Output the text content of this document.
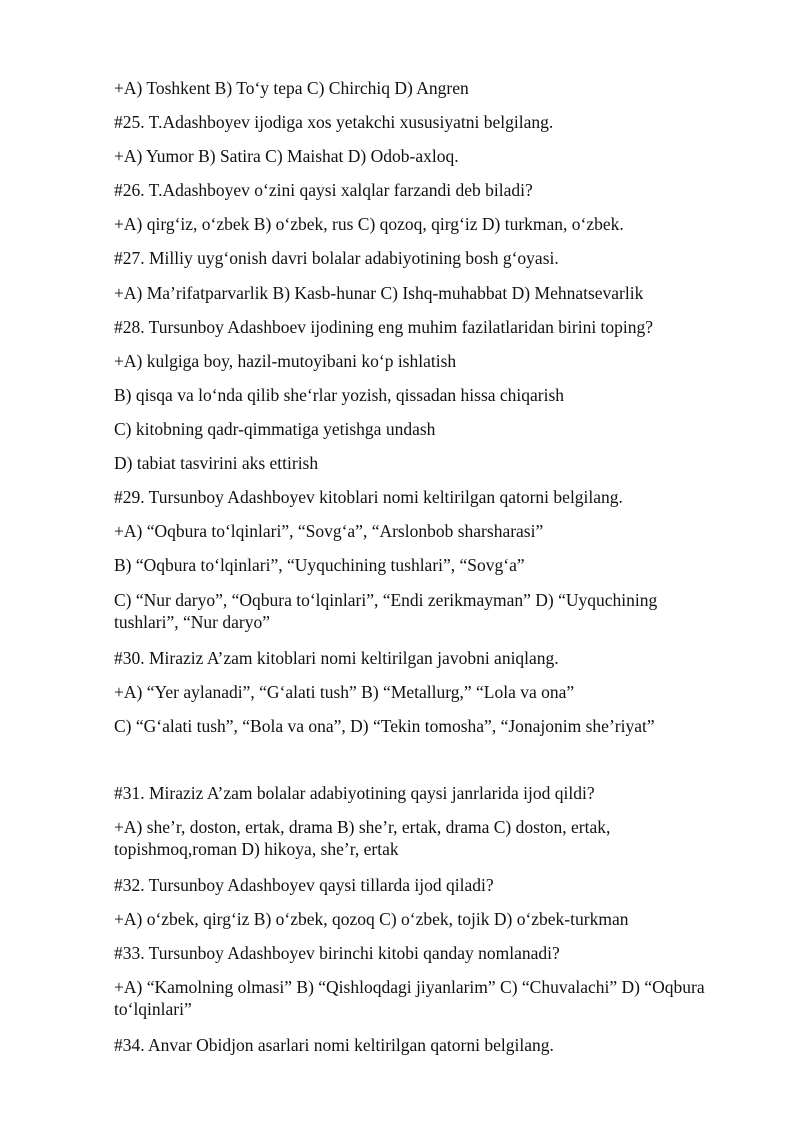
+A) Toshkent B) To‘y tepa C) Chirchiq D) Angren
#25. T.Adashboyev ijodiga xos yetakchi xususiyatni belgilang.
+A) Yumor B) Satira C) Maishat D) Odob-axloq.
#26. T.Adashboyev o‘zini qaysi xalqlar farzandi deb biladi?
+A) qirg‘iz, o‘zbek B) o‘zbek, rus C) qozoq, qirg‘iz D) turkman, o‘zbek.
#27. Milliy uyg‘onish davri bolalar adabiyotining bosh g‘oyasi.
+A) Ma’rifatparvarlik B) Kasb-hunar C) Ishq-muhabbat D) Mehnatsevarlik
#28. Tursunboy Adashboev ijodining eng muhim fazilatlaridan birini toping?
+A) kulgiga boy, hazil-mutoyibani ko‘p ishlatish
B) qisqa va lo‘nda qilib she‘rlar yozish, qissadan hissa chiqarish
C) kitobning qadr-qimmatiga yetishga undash
D) tabiat tasvirini aks ettirish
#29. Tursunboy Adashboyev kitoblari nomi keltirilgan qatorni belgilang.
+A) “Oqbura to‘lqinlari”, “Sovg‘a”, “Arslonbob sharsharasi”
B) “Oqbura to‘lqinlari”, “Uyquchining tushlari”, “Sovg‘a”
C) “Nur daryo”, “Oqbura to‘lqinlari”, “Endi zerikmayman” D) “Uyquchining tushlari”, “Nur daryo”
#30. Miraziz A’zam kitoblari nomi keltirilgan javobni aniqlang.
+A) “Yer aylanadi”, “G‘alati tush” B) “Metallurg,” “Lola va ona”
C) “G‘alati tush”, “Bola va ona”, D) “Tekin tomosha”, “Jonajonim she’riyat”
#31. Miraziz A’zam bolalar adabiyotining qaysi janrlarida ijod qildi?
+A) she’r, doston, ertak, drama B) she’r, ertak, drama C) doston, ertak, topishmoq,roman D) hikoya, she’r, ertak
#32. Tursunboy Adashboyev qaysi tillarda ijod qiladi?
+A) o‘zbek, qirg‘iz B) o‘zbek, qozoq C) o‘zbek, tojik D) o‘zbek-turkman
#33. Tursunboy Adashboyev birinchi kitobi qanday nomlanadi?
+A) “Kamolning olmasi” B) “Qishloqdagi jiyanlarim” C) “Chuvalachi” D) “Oqbura to‘lqinlari”
#34. Anvar Obidjon asarlari nomi keltirilgan qatorni belgilang.
